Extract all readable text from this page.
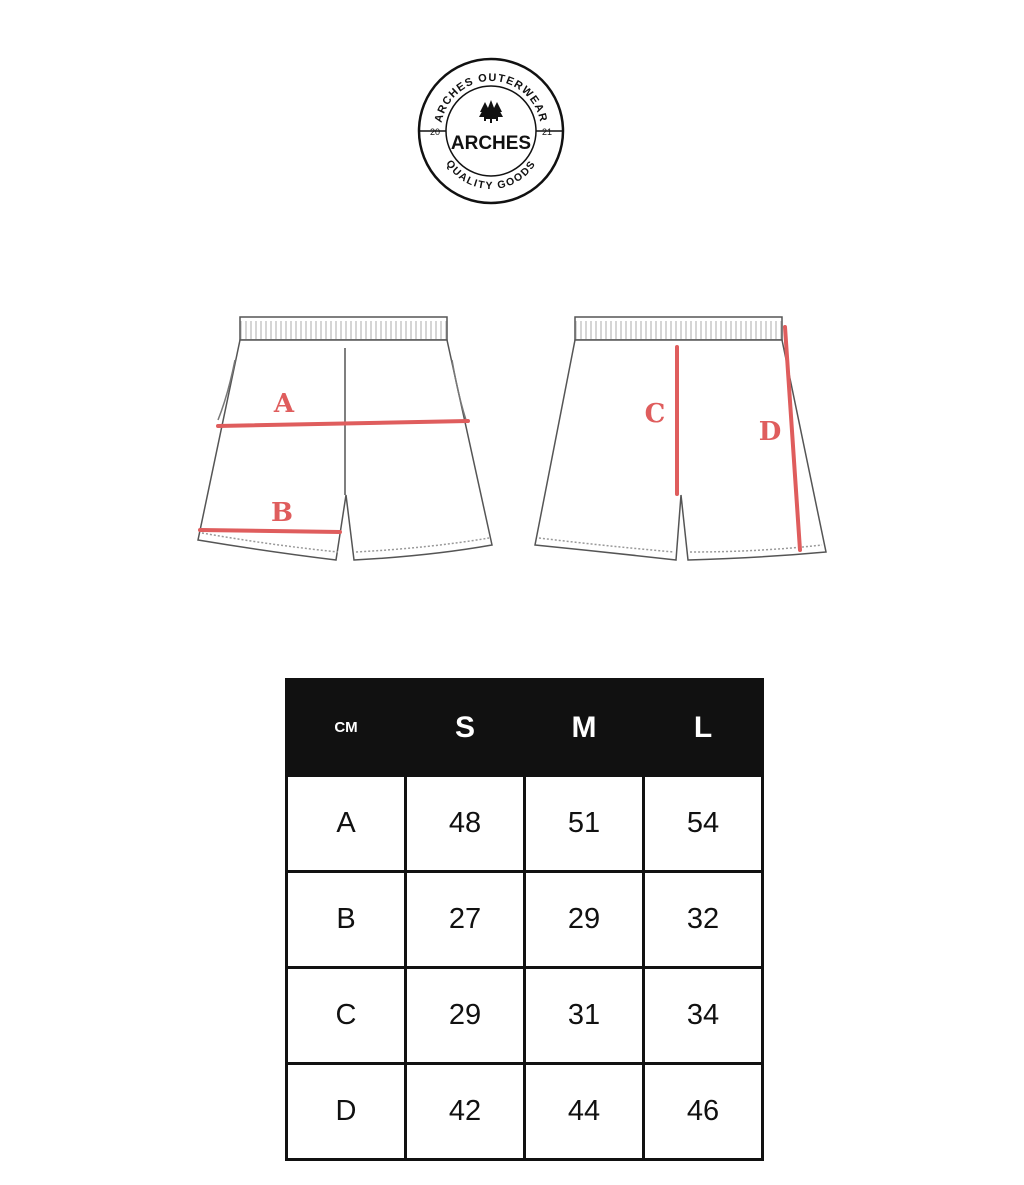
ARCHES OUTERWEAR
QUALITY GOODS
20	21
ARCHES
A
B
C
D
CM	S	M	L
A	48	51	54
B	27	29	32
C	29	31	34
D	42	44	46
